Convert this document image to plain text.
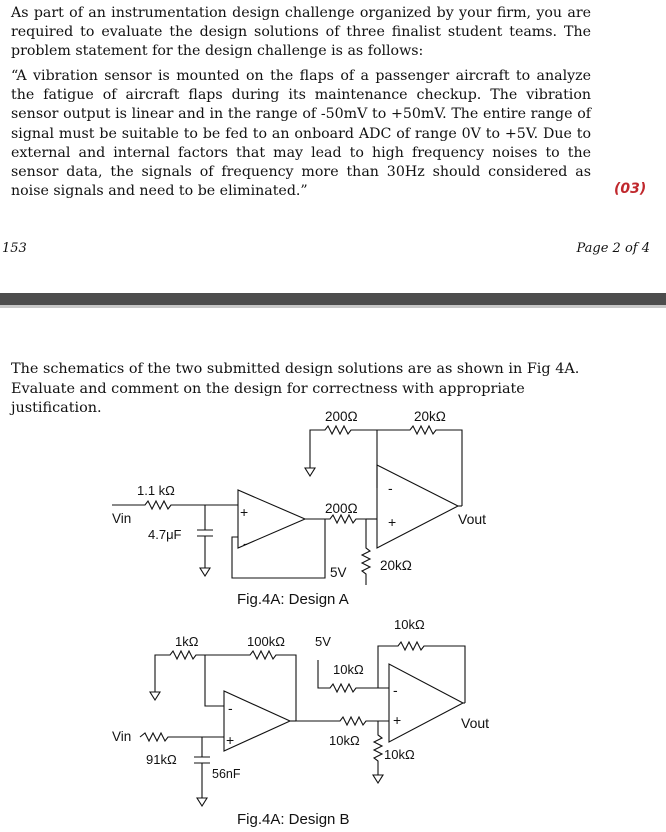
As part of an instrumentation design challenge organized by your firm, you are required to evaluate the design solutions of three finalist student teams. The problem statement for the design challenge is as follows:
“A vibration sensor is mounted on the flaps of a passenger aircraft to analyze the fatigue of aircraft flaps during its maintenance checkup. The vibration sensor output is linear and in the range of -50mV to +50mV. The entire range of signal must be suitable to be fed to an onboard ADC of range 0V to +5V. Due to external and internal factors that may lead to high frequency noises to the sensor data, the signals of frequency more than 30Hz should considered as noise signals and need to be eliminated.”	(03)
153	Page 2 of 4
The schematics of the two submitted design solutions are as shown in Fig 4A. Evaluate and comment on the design for correctness with appropriate justification.
1.1 kΩ
Vin
4.7μF
+
-
200Ω	20kΩ
200Ω
+
-
Vout
5V 20kΩ
Fig.4A: Design A
1kΩ	100kΩ 5V
10kΩ
10kΩ
Vin
91kΩ
+
-
56nF
10kΩ
+
-
Vout
10kΩ
Fig.4A: Design B
